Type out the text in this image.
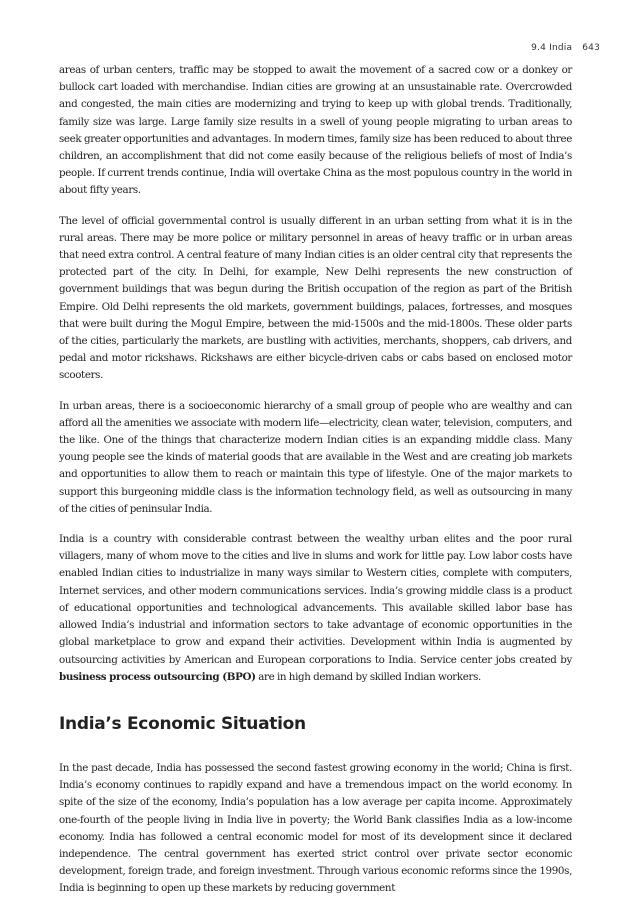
9.4 India 643

areas of urban centers, traffic may be stopped to await the movement of a sacred cow or a donkey or bullock cart loaded with merchandise. Indian cities are growing at an unsustainable rate. Overcrowded and congested, the main cities are modernizing and trying to keep up with global trends. Traditionally, family size was large. Large family size results in a swell of young people migrating to urban areas to seek greater opportunities and advantages. In modern times, family size has been reduced to about three children, an accomplishment that did not come easily because of the religious beliefs of most of India’s people. If current trends continue, India will overtake China as the most populous country in the world in about fifty years.

The level of official governmental control is usually different in an urban setting from what it is in the rural areas. There may be more police or military personnel in areas of heavy traffic or in urban areas that need extra control. A central feature of many Indian cities is an older central city that represents the protected part of the city. In Delhi, for example, New Delhi represents the new construction of government buildings that was begun during the British occupation of the region as part of the British Empire. Old Delhi represents the old markets, government buildings, palaces, fortresses, and mosques that were built during the Mogul Empire, between the mid-1500s and the mid-1800s. These older parts of the cities, particularly the markets, are bustling with activities, merchants, shoppers, cab drivers, and pedal and motor rickshaws. Rickshaws are either bicycle-driven cabs or cabs based on enclosed motor scooters.

In urban areas, there is a socioeconomic hierarchy of a small group of people who are wealthy and can afford all the amenities we associate with modern life—electricity, clean water, television, computers, and the like. One of the things that characterize modern Indian cities is an expanding middle class. Many young people see the kinds of material goods that are available in the West and are creating job markets and opportunities to allow them to reach or maintain this type of lifestyle. One of the major markets to support this burgeoning middle class is the information technology field, as well as outsourcing in many of the cities of peninsular India.

India is a country with considerable contrast between the wealthy urban elites and the poor rural villagers, many of whom move to the cities and live in slums and work for little pay. Low labor costs have enabled Indian cities to industrialize in many ways similar to Western cities, complete with computers, Internet services, and other modern communications services. India’s growing middle class is a product of educational opportunities and technological advancements. This available skilled labor base has allowed India’s industrial and information sectors to take advantage of economic opportunities in the global marketplace to grow and expand their activities. Development within India is augmented by outsourcing activities by American and European corporations to India. Service center jobs created by business process outsourcing (BPO) are in high demand by skilled Indian workers.

India’s Economic Situation

In the past decade, India has possessed the second fastest growing economy in the world; China is first. India’s economy continues to rapidly expand and have a tremendous impact on the world economy. In spite of the size of the economy, India’s population has a low average per capita income. Approximately one-fourth of the people living in India live in poverty; the World Bank classifies India as a low-income economy. India has followed a central economic model for most of its development since it declared independence. The central government has exerted strict control over private sector economic development, foreign trade, and foreign investment. Through various economic reforms since the 1990s, India is beginning to open up these markets by reducing government
